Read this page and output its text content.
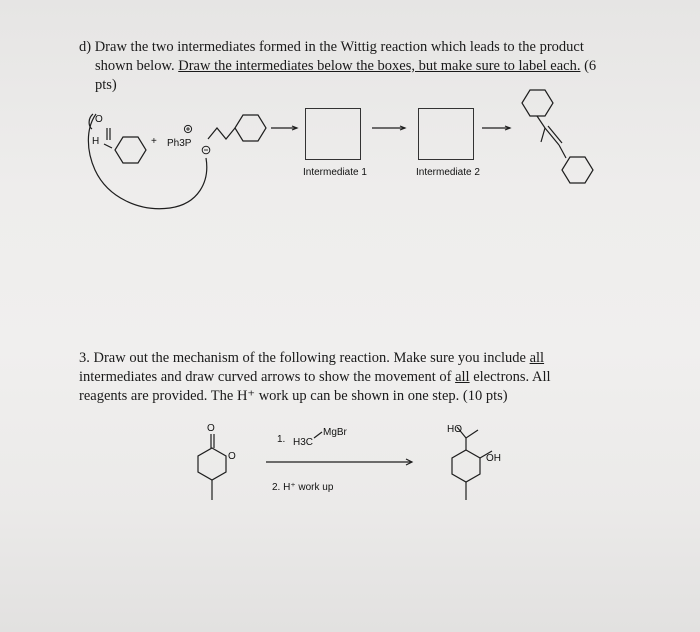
d) Draw the two intermediates formed in the Wittig reaction which leads to the product
shown below. Draw the intermediates below the boxes, but make sure to label each. (6
pts)
H
O
+ Ph3P
Intermediate 1	Intermediate 2
3. Draw out the mechanism of the following reaction. Make sure you include all
intermediates and draw curved arrows to show the movement of all electrons. All
reagents are provided. The H⁺ work up can be shown in one step. (10 pts)
O
O
1. H3C
MgBr
2. H⁺ work up
HO
OH
